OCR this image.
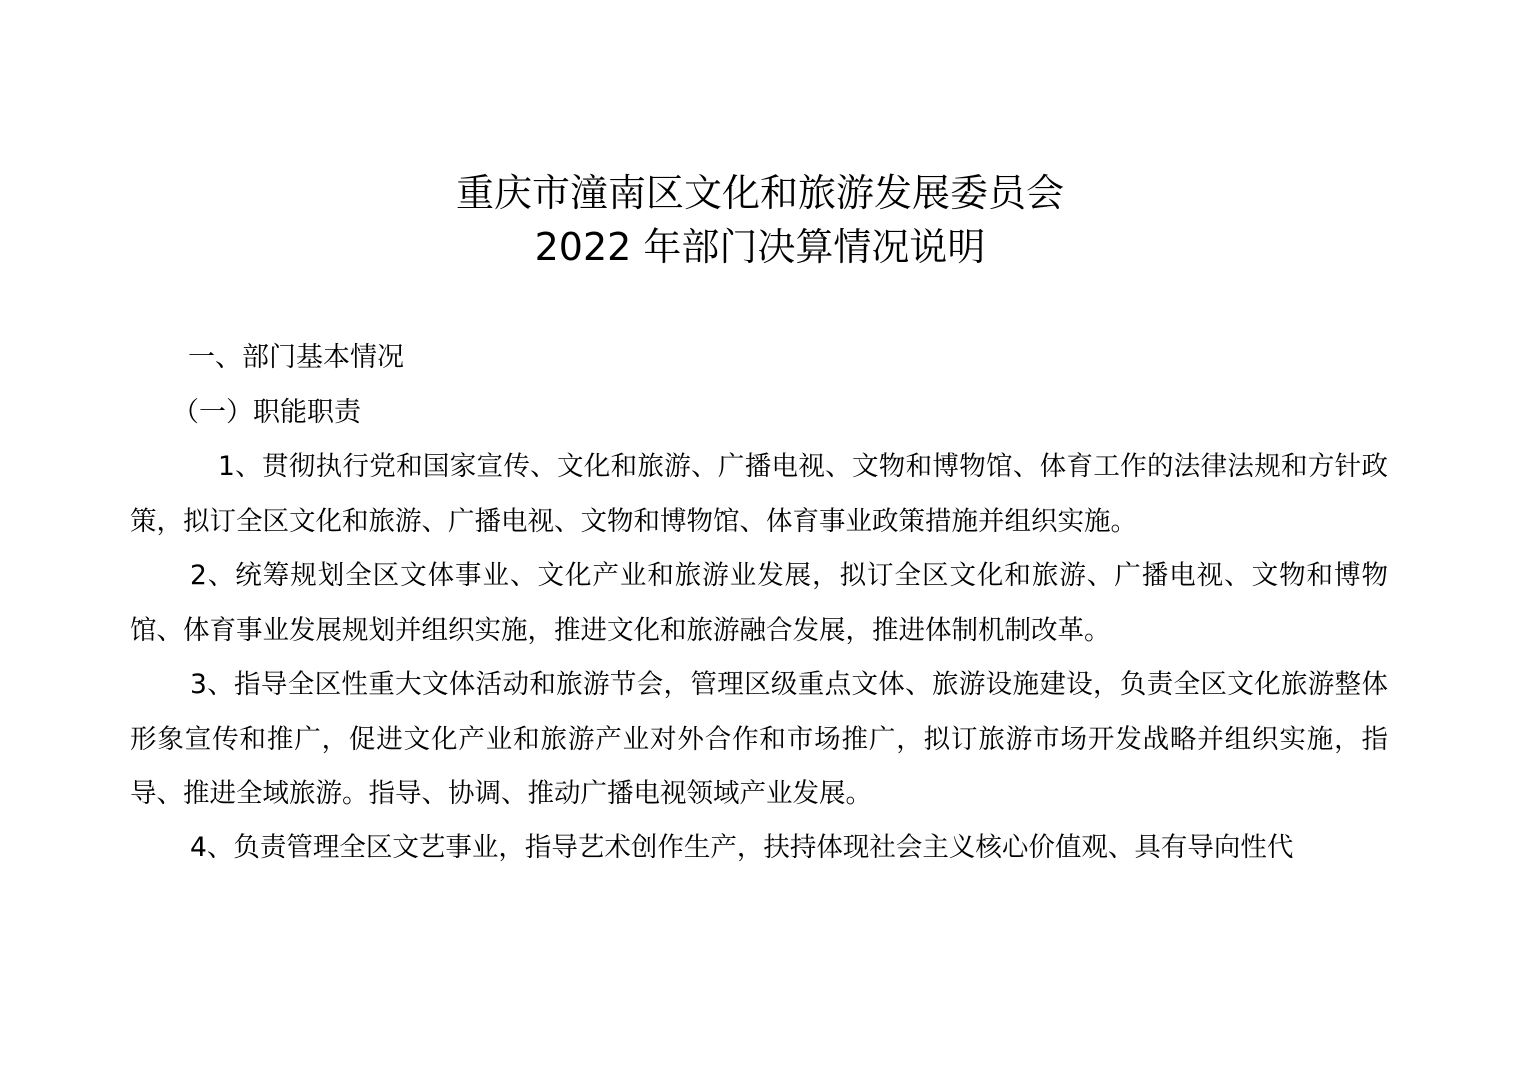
重庆市潼南区文化和旅游发展委员会
2022 年部门决算情况说明
一、部门基本情况
（一）职能职责
1、贯彻执行党和国家宣传、文化和旅游、广播电视、文物和博物馆、体育工作的法律法规和方针政策，拟订全区文化和旅游、广播电视、文物和博物馆、体育事业政策措施并组织实施。
2、统筹规划全区文体事业、文化产业和旅游业发展，拟订全区文化和旅游、广播电视、文物和博物馆、体育事业发展规划并组织实施，推进文化和旅游融合发展，推进体制机制改革。
3、指导全区性重大文体活动和旅游节会，管理区级重点文体、旅游设施建设，负责全区文化旅游整体形象宣传和推广，促进文化产业和旅游产业对外合作和市场推广，拟订旅游市场开发战略并组织实施，指导、推进全域旅游。指导、协调、推动广播电视领域产业发展。
4、负责管理全区文艺事业，指导艺术创作生产，扶持体现社会主义核心价值观、具有导向性代
